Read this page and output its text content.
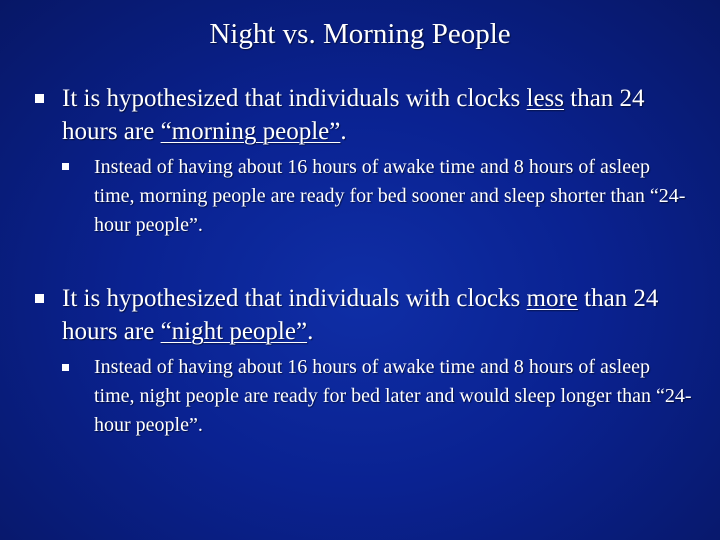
Night vs. Morning People
It is hypothesized that individuals with clocks less than 24 hours are “morning people”.
Instead of having about 16 hours of awake time and 8 hours of asleep time, morning people are ready for bed sooner and sleep shorter than “24-hour people”.
It is hypothesized that individuals with clocks more than 24 hours are “night people”.
Instead of having about 16 hours of awake time and 8 hours of asleep time, night people are ready for bed later and would sleep longer than “24-hour people”.
